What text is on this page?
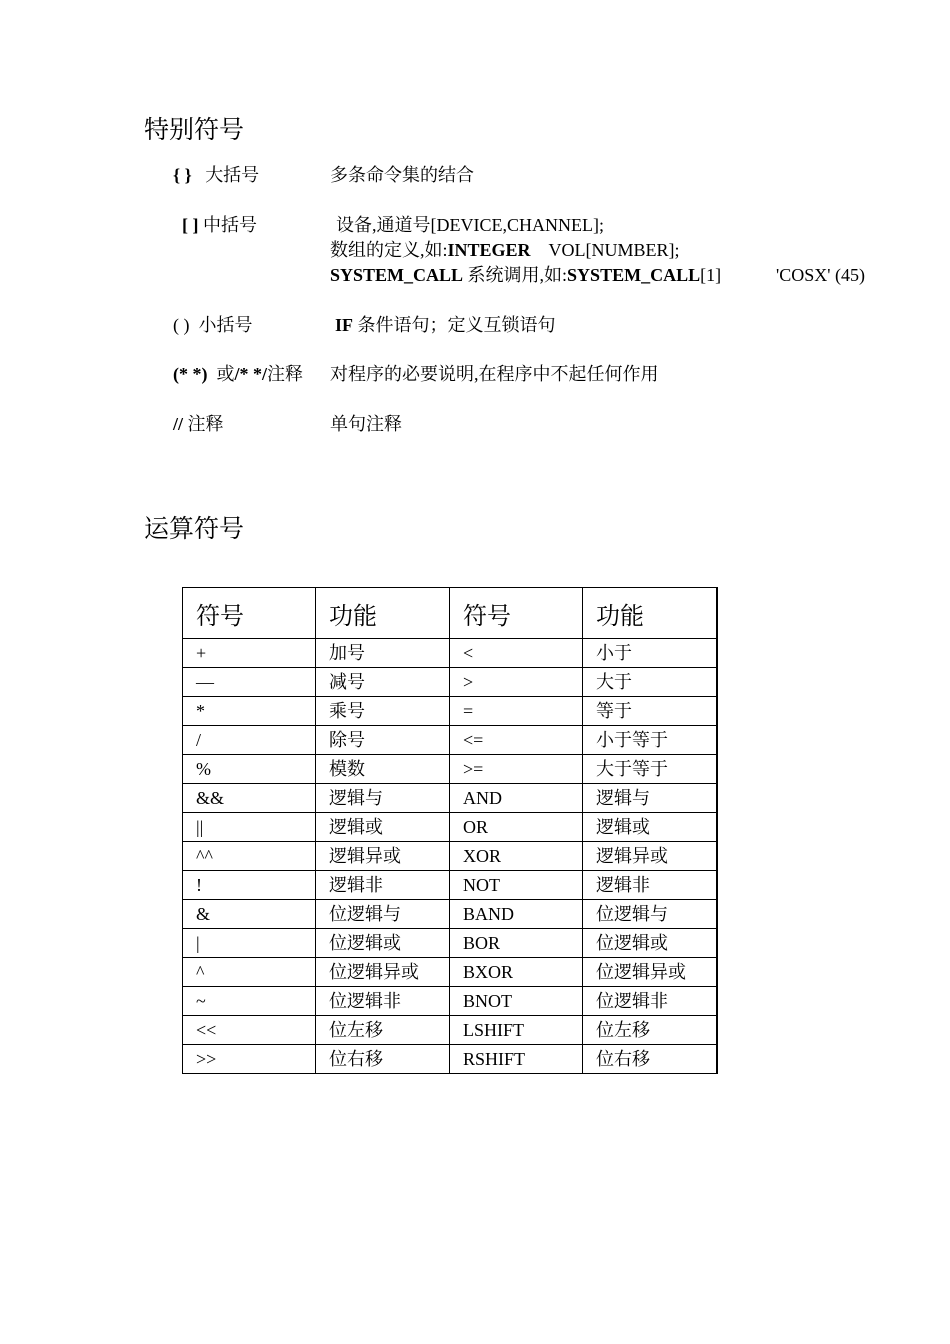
特别符号
{ } 大括号	多条命令集的结合
[ ] 中括号	设备,通道号[DEVICE,CHANNEL];
数组的定义,如:INTEGER VOL[NUMBER];
SYSTEM_CALL 系统调用,如:SYSTEM_CALL[1]	'COSX' (45)
( ) 小括号	IF 条件语句；定义互锁语句
(* *) 或/* */注释 对程序的必要说明,在程序中不起任何作用
// 注释	单句注释
运算符号
符号	功能	符号	功能
+	加号	<	小于
—	减号	>	大于
*	乘号	=	等于
/	除号	<=	小于等于
%	模数	>=	大于等于
&&	逻辑与	AND	逻辑与
||	逻辑或	OR	逻辑或
^^	逻辑异或	XOR	逻辑异或
!	逻辑非	NOT	逻辑非
&	位逻辑与	BAND	位逻辑与
|	位逻辑或	BOR	位逻辑或
^	位逻辑异或	BXOR	位逻辑异或
~	位逻辑非	BNOT	位逻辑非
<<	位左移	LSHIFT	位左移
>>	位右移	RSHIFT	位右移
